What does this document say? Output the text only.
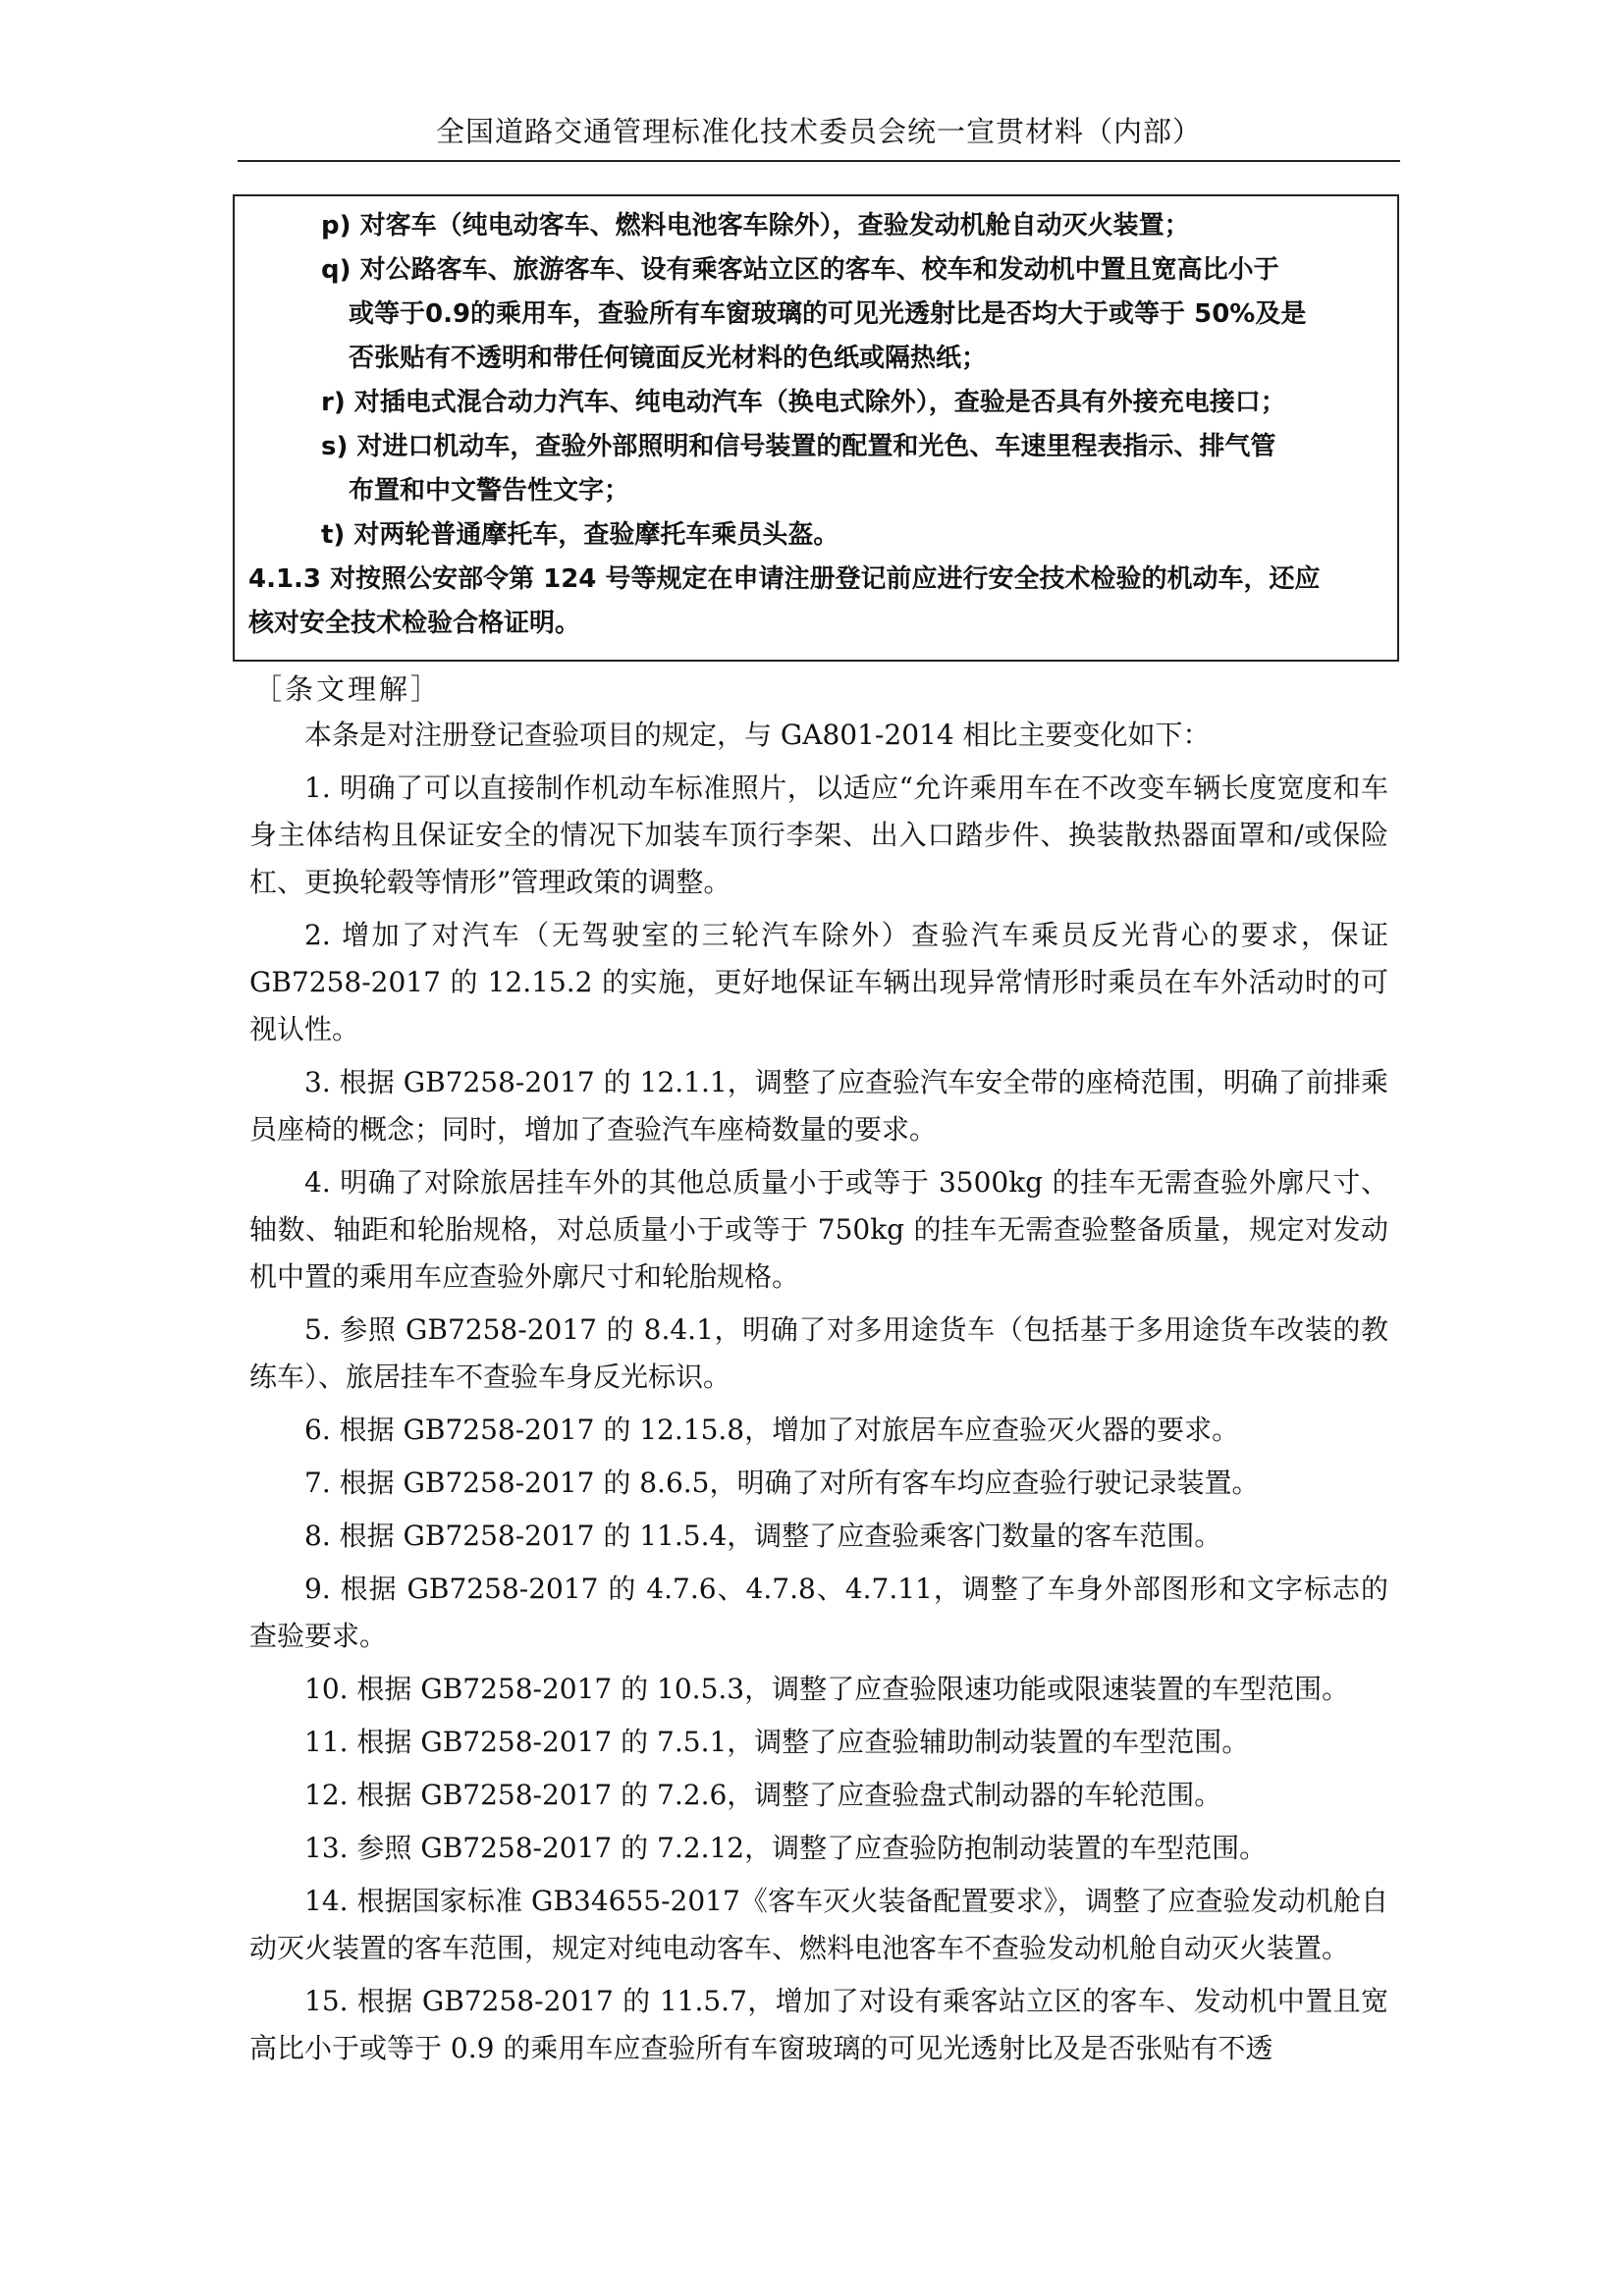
全国道路交通管理标准化技术委员会统一宣贯材料（内部）
p) 对客车（纯电动客车、燃料电池客车除外），查验发动机舱自动灭火装置；
q) 对公路客车、旅游客车、设有乘客站立区的客车、校车和发动机中置且宽高比小于
或等于0.9的乘用车，查验所有车窗玻璃的可见光透射比是否均大于或等于 50%及是
否张贴有不透明和带任何镜面反光材料的色纸或隔热纸；
r) 对插电式混合动力汽车、纯电动汽车（换电式除外），查验是否具有外接充电接口；
s) 对进口机动车，查验外部照明和信号装置的配置和光色、车速里程表指示、排气管
布置和中文警告性文字；
t) 对两轮普通摩托车，查验摩托车乘员头盔。
4.1.3 对按照公安部令第 124 号等规定在申请注册登记前应进行安全技术检验的机动车，还应
核对安全技术检验合格证明。
［条文理解］

本条是对注册登记查验项目的规定，与 GA801-2014 相比主要变化如下：

1. 明确了可以直接制作机动车标准照片，以适应“允许乘用车在不改变车辆长度宽度和车身主体结构且保证安全的情况下加装车顶行李架、出入口踏步件、换装散热器面罩和/或保险杠、更换轮毂等情形”管理政策的调整。

2. 增加了对汽车（无驾驶室的三轮汽车除外）查验汽车乘员反光背心的要求，保证 GB7258-2017 的 12.15.2 的实施，更好地保证车辆出现异常情形时乘员在车外活动时的可视认性。

3. 根据 GB7258-2017 的 12.1.1，调整了应查验汽车安全带的座椅范围，明确了前排乘员座椅的概念；同时，增加了查验汽车座椅数量的要求。

4. 明确了对除旅居挂车外的其他总质量小于或等于 3500kg 的挂车无需查验外廓尺寸、轴数、轴距和轮胎规格，对总质量小于或等于 750kg 的挂车无需查验整备质量，规定对发动机中置的乘用车应查验外廓尺寸和轮胎规格。

5. 参照 GB7258-2017 的 8.4.1，明确了对多用途货车（包括基于多用途货车改装的教练车）、旅居挂车不查验车身反光标识。

6. 根据 GB7258-2017 的 12.15.8，增加了对旅居车应查验灭火器的要求。

7. 根据 GB7258-2017 的 8.6.5，明确了对所有客车均应查验行驶记录装置。

8. 根据 GB7258-2017 的 11.5.4，调整了应查验乘客门数量的客车范围。

9. 根据 GB7258-2017 的 4.7.6、4.7.8、4.7.11，调整了车身外部图形和文字标志的查验要求。

10. 根据 GB7258-2017 的 10.5.3，调整了应查验限速功能或限速装置的车型范围。

11. 根据 GB7258-2017 的 7.5.1，调整了应查验辅助制动装置的车型范围。

12. 根据 GB7258-2017 的 7.2.6，调整了应查验盘式制动器的车轮范围。

13. 参照 GB7258-2017 的 7.2.12，调整了应查验防抱制动装置的车型范围。

14. 根据国家标准 GB34655-2017《客车灭火装备配置要求》，调整了应查验发动机舱自动灭火装置的客车范围，规定对纯电动客车、燃料电池客车不查验发动机舱自动灭火装置。

15. 根据 GB7258-2017 的 11.5.7，增加了对设有乘客站立区的客车、发动机中置且宽高比小于或等于 0.9 的乘用车应查验所有车窗玻璃的可见光透射比及是否张贴有不透
